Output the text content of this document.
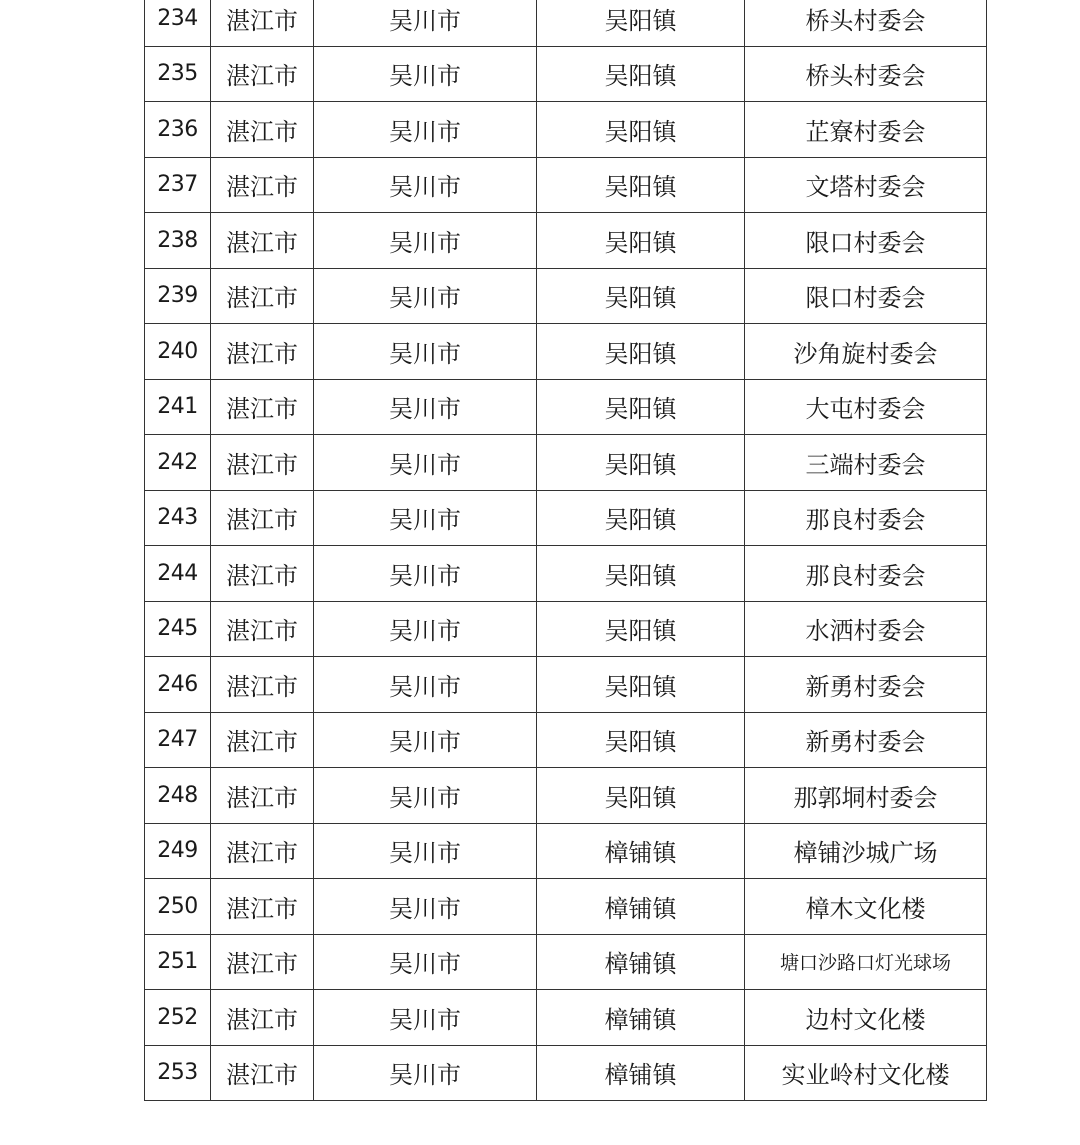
234	湛江市	吴川市	吴阳镇	桥头村委会
235	湛江市	吴川市	吴阳镇	桥头村委会
236	湛江市	吴川市	吴阳镇	芷寮村委会
237	湛江市	吴川市	吴阳镇	文塔村委会
238	湛江市	吴川市	吴阳镇	限口村委会
239	湛江市	吴川市	吴阳镇	限口村委会
240	湛江市	吴川市	吴阳镇	沙角旋村委会
241	湛江市	吴川市	吴阳镇	大屯村委会
242	湛江市	吴川市	吴阳镇	三端村委会
243	湛江市	吴川市	吴阳镇	那良村委会
244	湛江市	吴川市	吴阳镇	那良村委会
245	湛江市	吴川市	吴阳镇	水洒村委会
246	湛江市	吴川市	吴阳镇	新勇村委会
247	湛江市	吴川市	吴阳镇	新勇村委会
248	湛江市	吴川市	吴阳镇	那郭垌村委会
249	湛江市	吴川市	樟铺镇	樟铺沙城广场
250	湛江市	吴川市	樟铺镇	樟木文化楼
251	湛江市	吴川市	樟铺镇	塘口沙路口灯光球场
252	湛江市	吴川市	樟铺镇	边村文化楼
253	湛江市	吴川市	樟铺镇	实业岭村文化楼
